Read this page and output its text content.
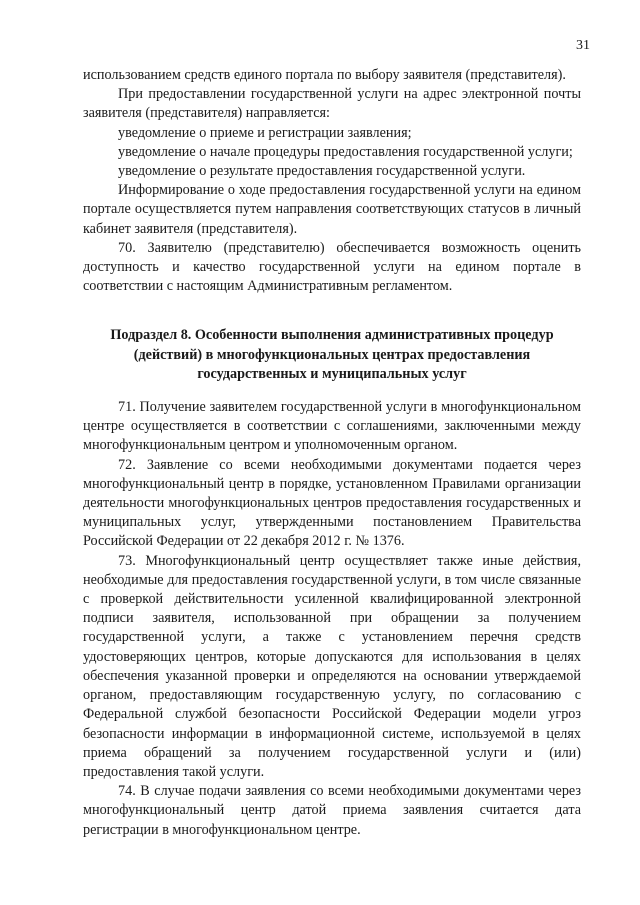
31

использованием средств единого портала по выбору заявителя (представителя).

При предоставлении государственной услуги на адрес электронной почты заявителя (представителя) направляется:

уведомление о приеме и регистрации заявления;

уведомление о начале процедуры предоставления государственной услуги;

уведомление о результате предоставления государственной услуги.

Информирование о ходе предоставления государственной услуги на едином портале осуществляется путем направления соответствующих статусов в личный кабинет заявителя (представителя).

70. Заявителю (представителю) обеспечивается возможность оценить доступность и качество государственной услуги на едином портале в соответствии с настоящим Административным регламентом.

Подраздел 8. Особенности выполнения административных процедур (действий) в многофункциональных центрах предоставления государственных и муниципальных услуг

71. Получение заявителем государственной услуги в многофункциональном центре осуществляется в соответствии с соглашениями, заключенными между многофункциональным центром и уполномоченным органом.

72. Заявление со всеми необходимыми документами подается через многофункциональный центр в порядке, установленном Правилами организации деятельности многофункциональных центров предоставления государственных и муниципальных услуг, утвержденными постановлением Правительства Российской Федерации от 22 декабря 2012 г. № 1376.

73. Многофункциональный центр осуществляет также иные действия, необходимые для предоставления государственной услуги, в том числе связанные с проверкой действительности усиленной квалифицированной электронной подписи заявителя, использованной при обращении за получением государственной услуги, а также с установлением перечня средств удостоверяющих центров, которые допускаются для использования в целях обеспечения указанной проверки и определяются на основании утверждаемой органом, предоставляющим государственную услугу, по согласованию с Федеральной службой безопасности Российской Федерации модели угроз безопасности информации в информационной системе, используемой в целях приема обращений за получением государственной услуги и (или) предоставления такой услуги.

74. В случае подачи заявления со всеми необходимыми документами через многофункциональный центр датой приема заявления считается дата регистрации в многофункциональном центре.
